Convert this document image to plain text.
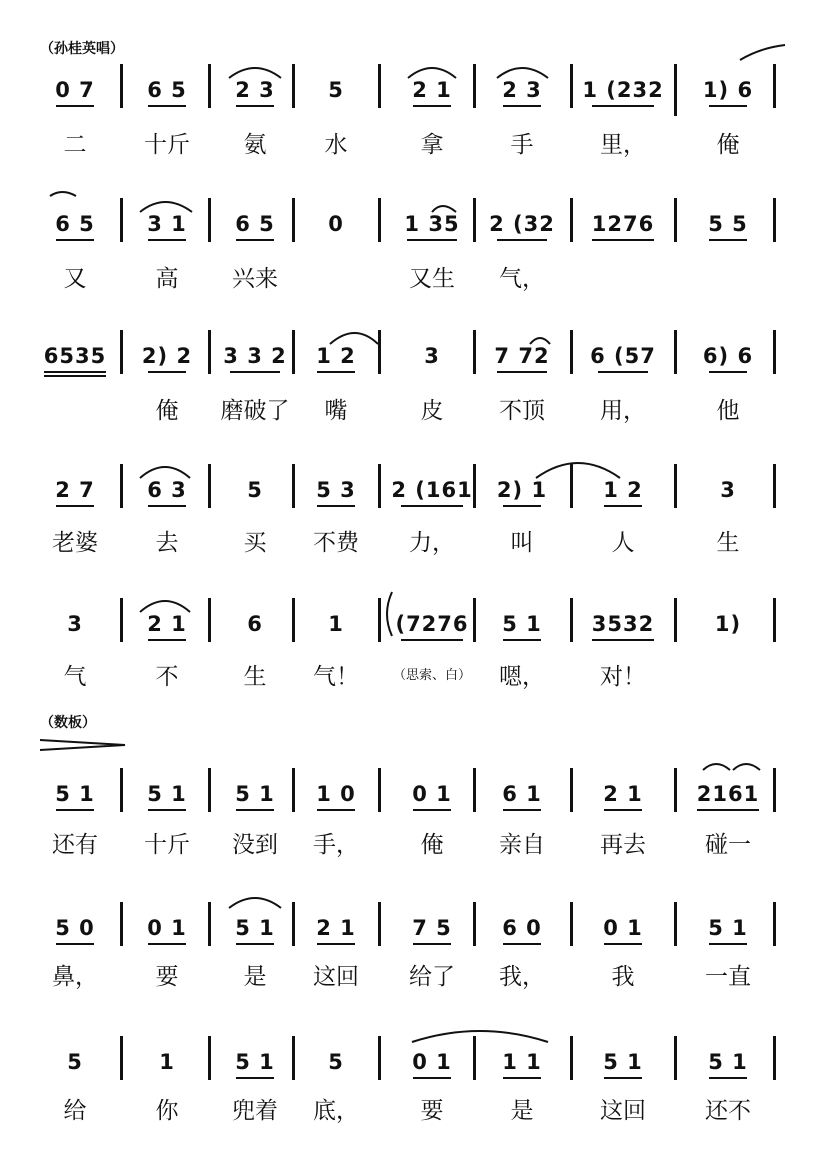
（孙桂英唱）
（数板）
0 7
二
6 5
十斤
2 3
氨
5
水
2 1
拿
2 3
手
1 (232
里，
1) 6
俺
6 5
又
3 1
高
6 5
兴来
0	1 35
又生
2 (32
气，
1276	5 5
6535 2) 2
俺
3 3 2
磨破了
1 2
嘴
3
皮
7 72
不顶
6 (57
用，
6) 6
他
2 7
老婆
6 3
去
5
买
5 3
不费
2 (161
力，
2) 1
叫
1 2
人
3
生
3
气
2 1
不
6
生
1
气！
(7276
（思索、白）
5 1
嗯，
3532
对！
1)
5 1
还有
5 1
十斤
5 1
没到
1 0
手，
0 1
俺
6 1
亲自
2 1
再去
2161
碰一
5 0
鼻，
0 1
要
5 1
是
2 1
这回
7 5
给了
6 0
我，
0 1
我
5 1
一直
5
给
1
你
5 1
兜着
5
底，
0 1
要
1 1
是
5 1
这回
5 1
还不
